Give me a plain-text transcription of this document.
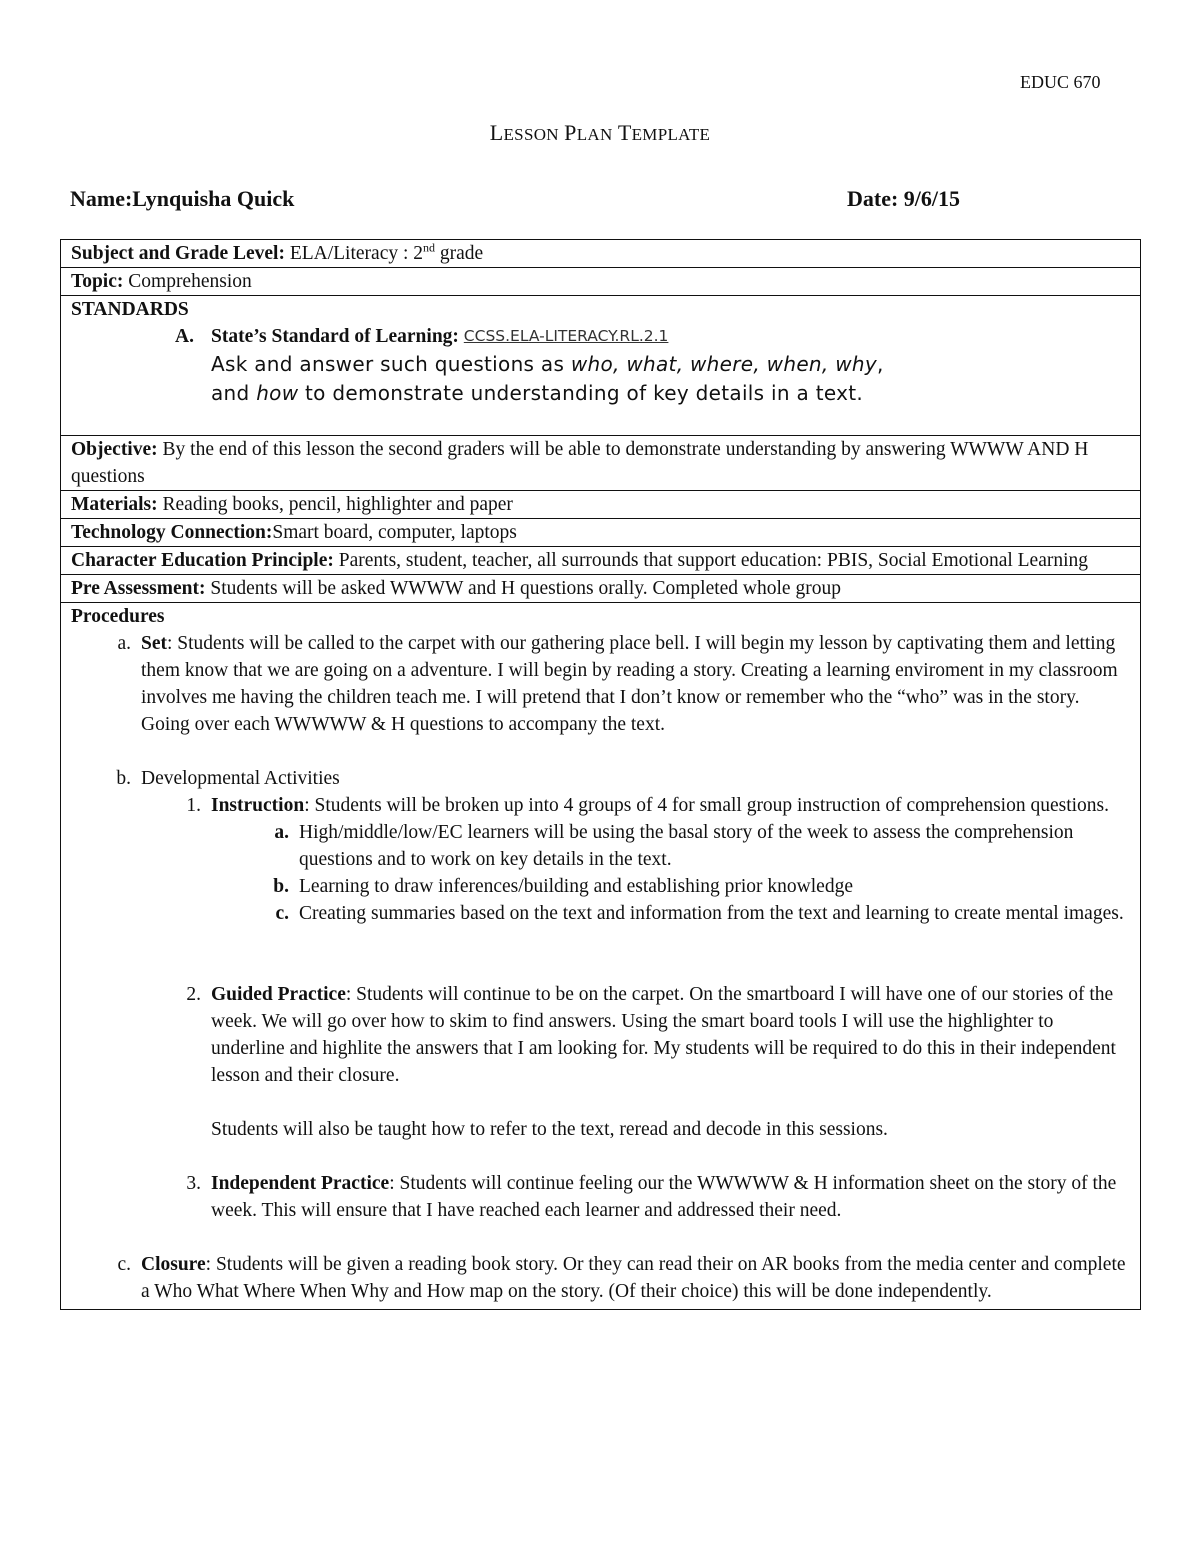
EDUC 670
LESSON PLAN TEMPLATE
Name:Lynquisha Quick	Date: 9/6/15
Subject and Grade Level: ELA/Literacy : 2nd grade
Topic: Comprehension

STANDARDS
A. State’s Standard of Learning:
CCSS.ELA-LITERACY.RL.2.1
Ask and answer such questions as who, what, where, when, why,
and how to demonstrate understanding of key details in a text.

Objective: By the end of this lesson the second graders will be able to demonstrate understanding by answering WWWW AND H questions
Materials: Reading books, pencil, highlighter and paper
Technology Connection:Smart board, computer, laptops
Character Education Principle: Parents, student, teacher, all surrounds that support education: PBIS, Social Emotional Learning
Pre Assessment: Students will be asked WWWW and H questions orally. Completed whole group

Procedures
a. Set: Students will be called to the carpet with our gathering place bell. I will begin my lesson by captivating them and letting them know that we are going on a adventure. I will begin by reading a story. Creating a learning enviroment in my classroom involves me having the children teach me. I will pretend that I don’t know or remember who the “who” was in the story. Going over each WWWWW & H questions to accompany the text.
b. Developmental Activities
1. Instruction: Students will be broken up into 4 groups of 4 for small group instruction of comprehension questions.
a. High/middle/low/EC learners will be using the basal story of the week to assess the comprehension questions and to work on key details in the text.
b. Learning to draw inferences/building and establishing prior knowledge
c. Creating summaries based on the text and information from the text and learning to create mental images.
2. Guided Practice: Students will continue to be on the carpet. On the smartboard I will have one of our stories of the week. We will go over how to skim to find answers. Using the smart board tools I will use the highlighter to underline and highlite the answers that I am looking for. My students will be required to do this in their independent lesson and their closure.
Students will also be taught how to refer to the text, reread and decode in this sessions.
3. Independent Practice: Students will continue feeling our the WWWWW & H information sheet on the story of the week. This will ensure that I have reached each learner and addressed their need.
c. Closure: Students will be given a reading book story. Or they can read their on AR books from the media center and complete a Who What Where When Why and How map on the story. (Of their choice) this will be done independently.
